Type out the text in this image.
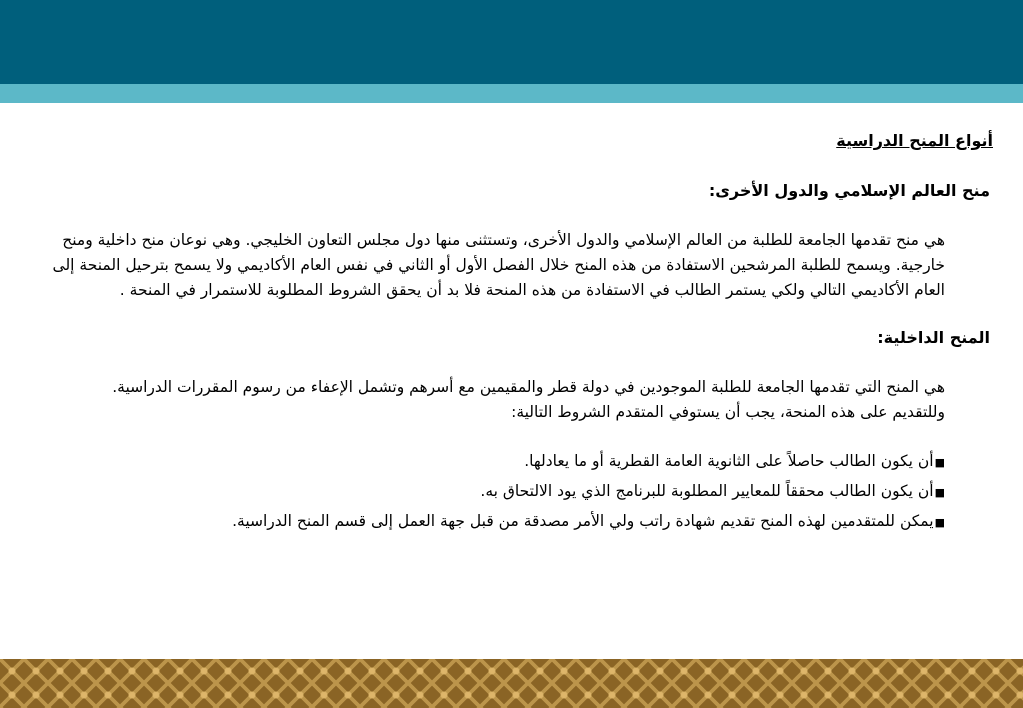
أنواع المنح الدراسية
منح العالم الإسلامي والدول الأخرى:

هي منح تقدمها الجامعة للطلبة من العالم الإسلامي والدول الأخرى، وتستثنى منها دول مجلس التعاون الخليجي. وهي نوعان منح داخلية ومنح خارجية. ويسمح للطلبة المرشحين الاستفادة من هذه المنح خلال الفصل الأول أو الثاني في نفس العام الأكاديمي ولا يسمح بترحيل المنحة إلى العام الأكاديمي التالي ولكي يستمر الطالب في الاستفادة من هذه المنحة فلا بد أن يحقق الشروط المطلوبة للاستمرار في المنحة .

المنح الداخلية:

هي المنح التي تقدمها الجامعة للطلبة الموجودين في دولة قطر والمقيمين مع أسرهم وتشمل الإعفاء من رسوم المقررات الدراسية.

وللتقديم على هذه المنحة، يجب أن يستوفي المتقدم الشروط التالية:

■أن يكون الطالب حاصلاً على الثانوية العامة القطرية أو ما يعادلها.
■أن يكون الطالب محققاً للمعايير المطلوبة للبرنامج الذي يود الالتحاق به.
■يمكن للمتقدمين لهذه المنح تقديم شهادة راتب ولي الأمر مصدقة من قبل جهة العمل إلى قسم المنح الدراسية.
